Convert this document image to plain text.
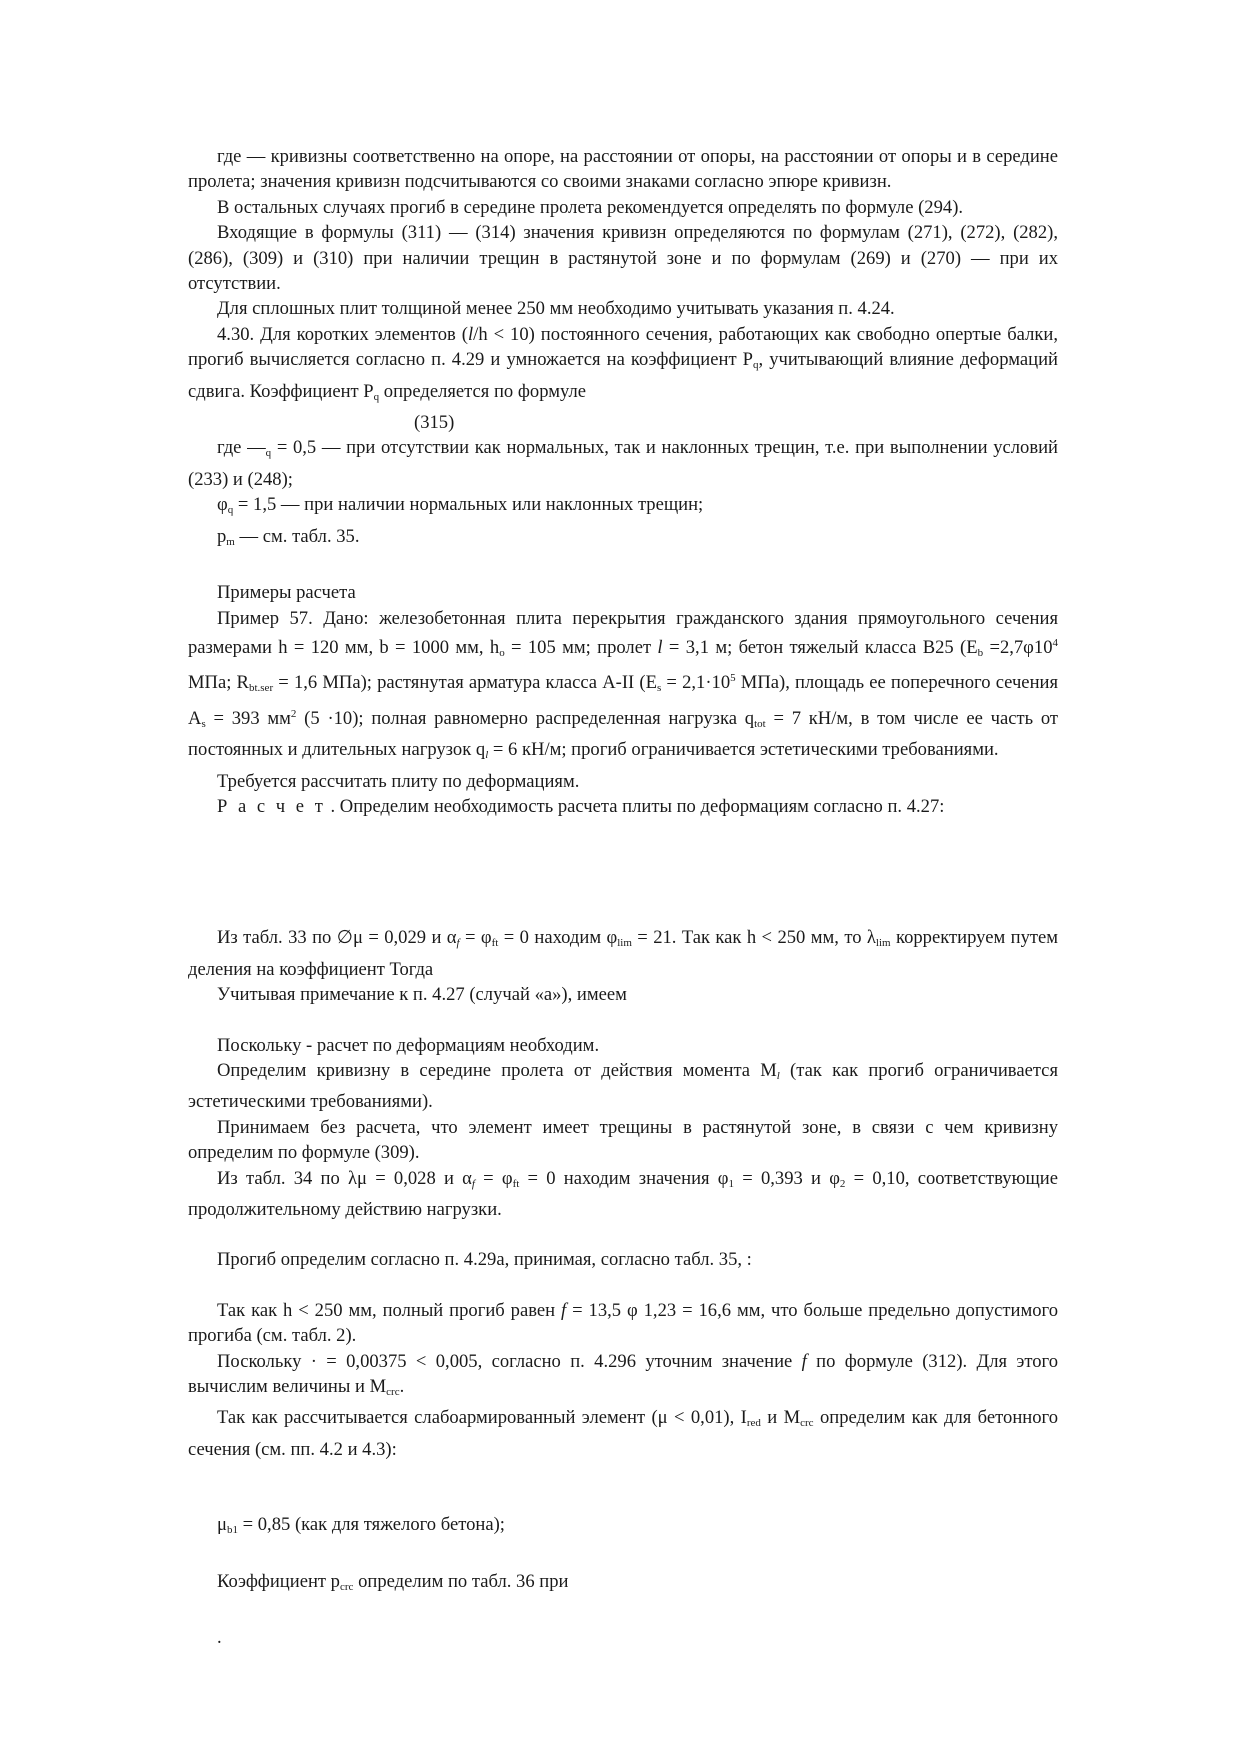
где — кривизны соответственно на опоре, на расстоянии от опоры, на расстоянии от опоры и в середине пролета; значения кривизн подсчитываются со своими знаками согласно эпюре кривизн.

В остальных случаях прогиб в середине пролета рекомендуется определять по формуле (294).

Входящие в формулы (311) — (314) значения кривизн определяются по формулам (271), (272), (282), (286), (309) и (310) при наличии трещин в растянутой зоне и по формулам (269) и (270) — при их отсутствии.

Для сплошных плит толщиной менее 250 мм необходимо учитывать указания п. 4.24.

4.30. Для коротких элементов (l/h < 10) постоянного сечения, работающих как свободно опертые балки, прогиб вычисляется согласно п. 4.29 и умножается на коэффициент $P_q$, учитывающий влияние деформаций сдвига. Коэффициент $P_q$ определяется по формуле

(315)

где $—_q = 0,5$ — при отсутствии как нормальных, так и наклонных трещин, т.е. при выполнении условий (233) и (248);

$\varphi_q = 1,5$ — при наличии нормальных или наклонных трещин;

$p_m$ — см. табл. 35.

Примеры расчета

Пример 57. Дано: железобетонная плита перекрытия гражданского здания прямоугольного сечения размерами h = 120 мм, b = 1000 мм, $h_o = 105$ мм; пролет l = 3,1 м; бетон тяжелый класса В25 ($E_b =2,7\varphi 10^4$ МПа; $R_{bt.ser} = 1,6$ МПа); растянутая арматура класса А-II ($E_s = 2,1\cdot 10^5$ МПа), площадь ее поперечного сечения $A_s = 393$ $мм^2$ (5 ·10); полная равномерно распределенная нагрузка $q_{tot} = 7$ кН/м, в том числе ее часть от постоянных и длительных нагрузок $q_l = 6$ кН/м; прогиб ограничивается эстетическими требованиями.

Требуется рассчитать плиту по деформациям.

Р а с ч е т . Определим необходимость расчета плиты по деформациям согласно п. 4.27:

Из табл. 33 по ∅μ = 0,029 и $\alpha_f = \varphi_{ft} = 0$ находим $\varphi_{lim} = 21$. Так как h < 250 мм, то $\lambda_{lim}$ корректируем путем деления на коэффициент Тогда

Учитывая примечание к п. 4.27 (случай «а»), имеем

Поскольку - расчет по деформациям необходим.

Определим кривизну в середине пролета от действия момента $M_l$ (так как прогиб ограничивается эстетическими требованиями).

Принимаем без расчета, что элемент имеет трещины в растянутой зоне, в связи с чем кривизну определим по формуле (309).

Из табл. 34 по λμ = 0,028 и $\alpha_f = \varphi_{ft} = 0$ находим значения $\varphi_1 = 0,393$ и $\varphi_2 = 0,10$, соответствующие продолжительному действию нагрузки.

Прогиб определим согласно п. 4.29а, принимая, согласно табл. 35, :

Так как h < 250 мм, полный прогиб равен f = 13,5 φ 1,23 = 16,6 мм, что больше предельно допустимого прогиба (см. табл. 2).

Поскольку · = 0,00375 < 0,005, согласно п. 4.296 уточним значение f по формуле (312). Для этого вычислим величины и $M_{crc}$.

Так как рассчитывается слабоармированный элемент (μ < 0,01), $I_{red}$ и $M_{crc}$ определим как для бетонного сечения (см. пп. 4.2 и 4.3):

$\mu_{b1} = 0,85$ (как для тяжелого бетона);

Коэффициент $p_{crc}$ определим по табл. 36 при

.
